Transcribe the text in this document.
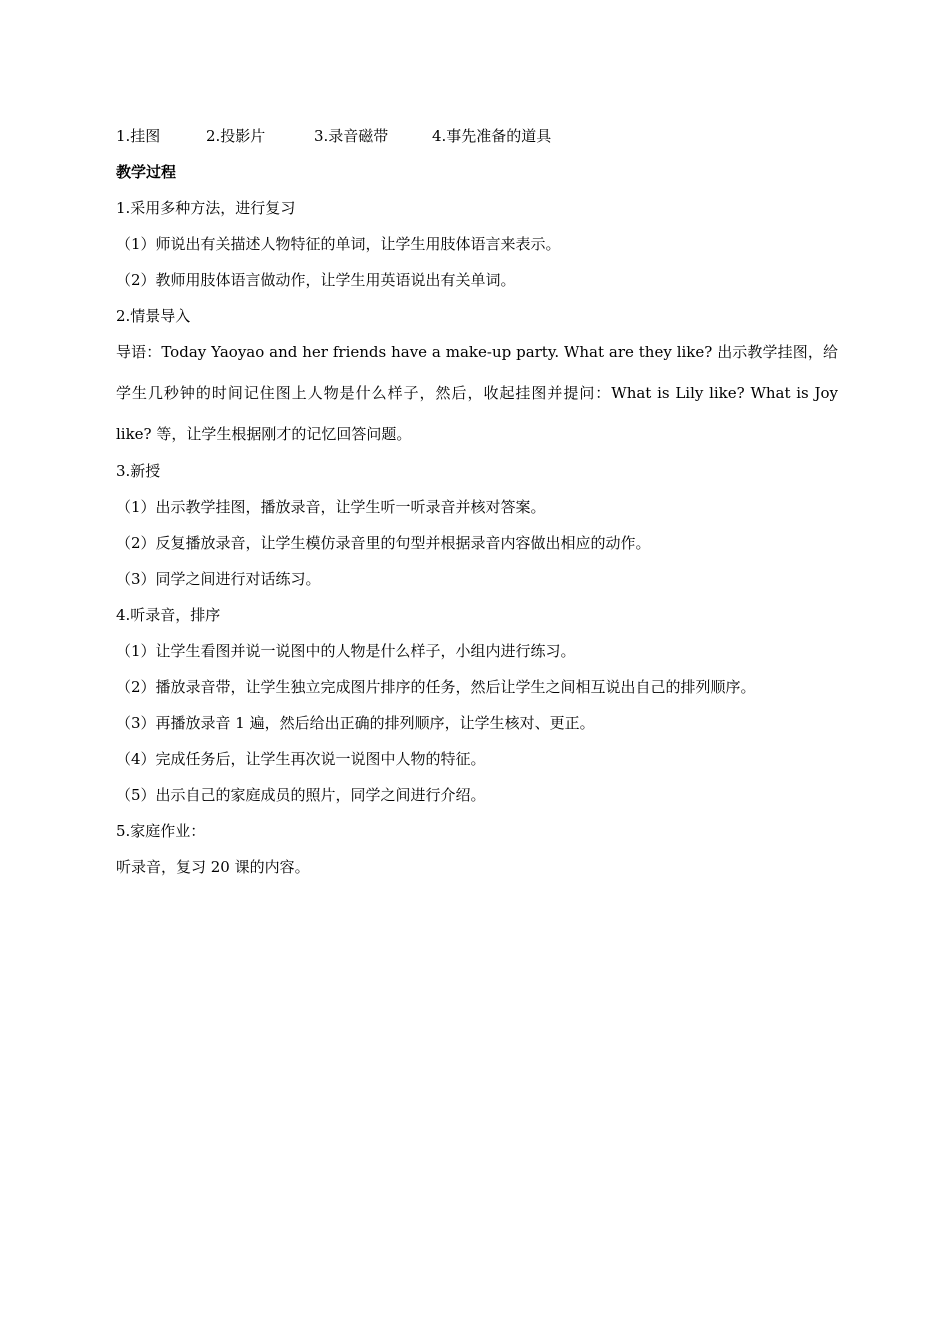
1.挂图	2.投影片	3.录音磁带	4.事先准备的道具
教学过程
1.采用多种方法，进行复习
（1）师说出有关描述人物特征的单词，让学生用肢体语言来表示。
（2）教师用肢体语言做动作，让学生用英语说出有关单词。
2.情景导入
导语：Today Yaoyao and her friends have a make-up party. What are they like? 出示教学挂图，给学生几秒钟的时间记住图上人物是什么样子，然后，收起挂图并提问：What is Lily like? What is Joy like? 等，让学生根据刚才的记忆回答问题。
3.新授
（1）出示教学挂图，播放录音，让学生听一听录音并核对答案。
（2）反复播放录音，让学生模仿录音里的句型并根据录音内容做出相应的动作。
（3）同学之间进行对话练习。
4.听录音，排序
（1）让学生看图并说一说图中的人物是什么样子，小组内进行练习。
（2）播放录音带，让学生独立完成图片排序的任务，然后让学生之间相互说出自己的排列顺序。
（3）再播放录音 1 遍，然后给出正确的排列顺序，让学生核对、更正。
（4）完成任务后，让学生再次说一说图中人物的特征。
（5）出示自己的家庭成员的照片，同学之间进行介绍。
5.家庭作业：
听录音，复习 20 课的内容。
